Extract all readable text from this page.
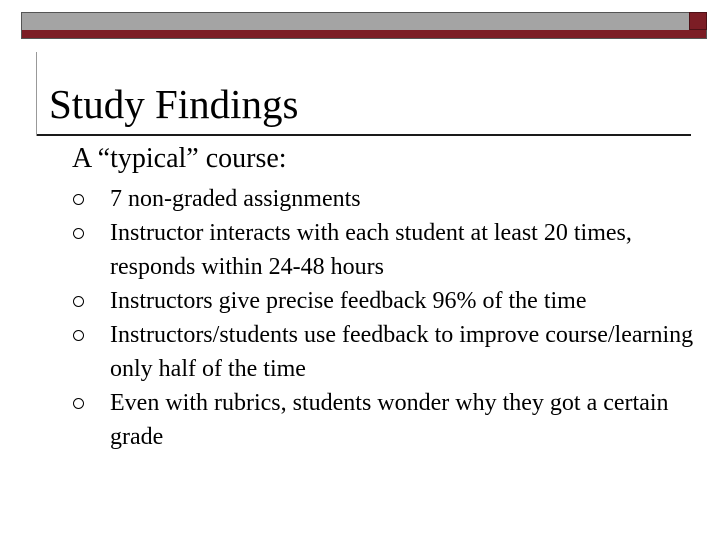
Study Findings
A “typical” course:
7 non-graded assignments
Instructor interacts with each student at least 20 times, responds within 24-48 hours
Instructors give precise feedback 96% of the time
Instructors/students use feedback to improve course/learning only half of the time
Even with rubrics, students wonder why they got a certain grade
